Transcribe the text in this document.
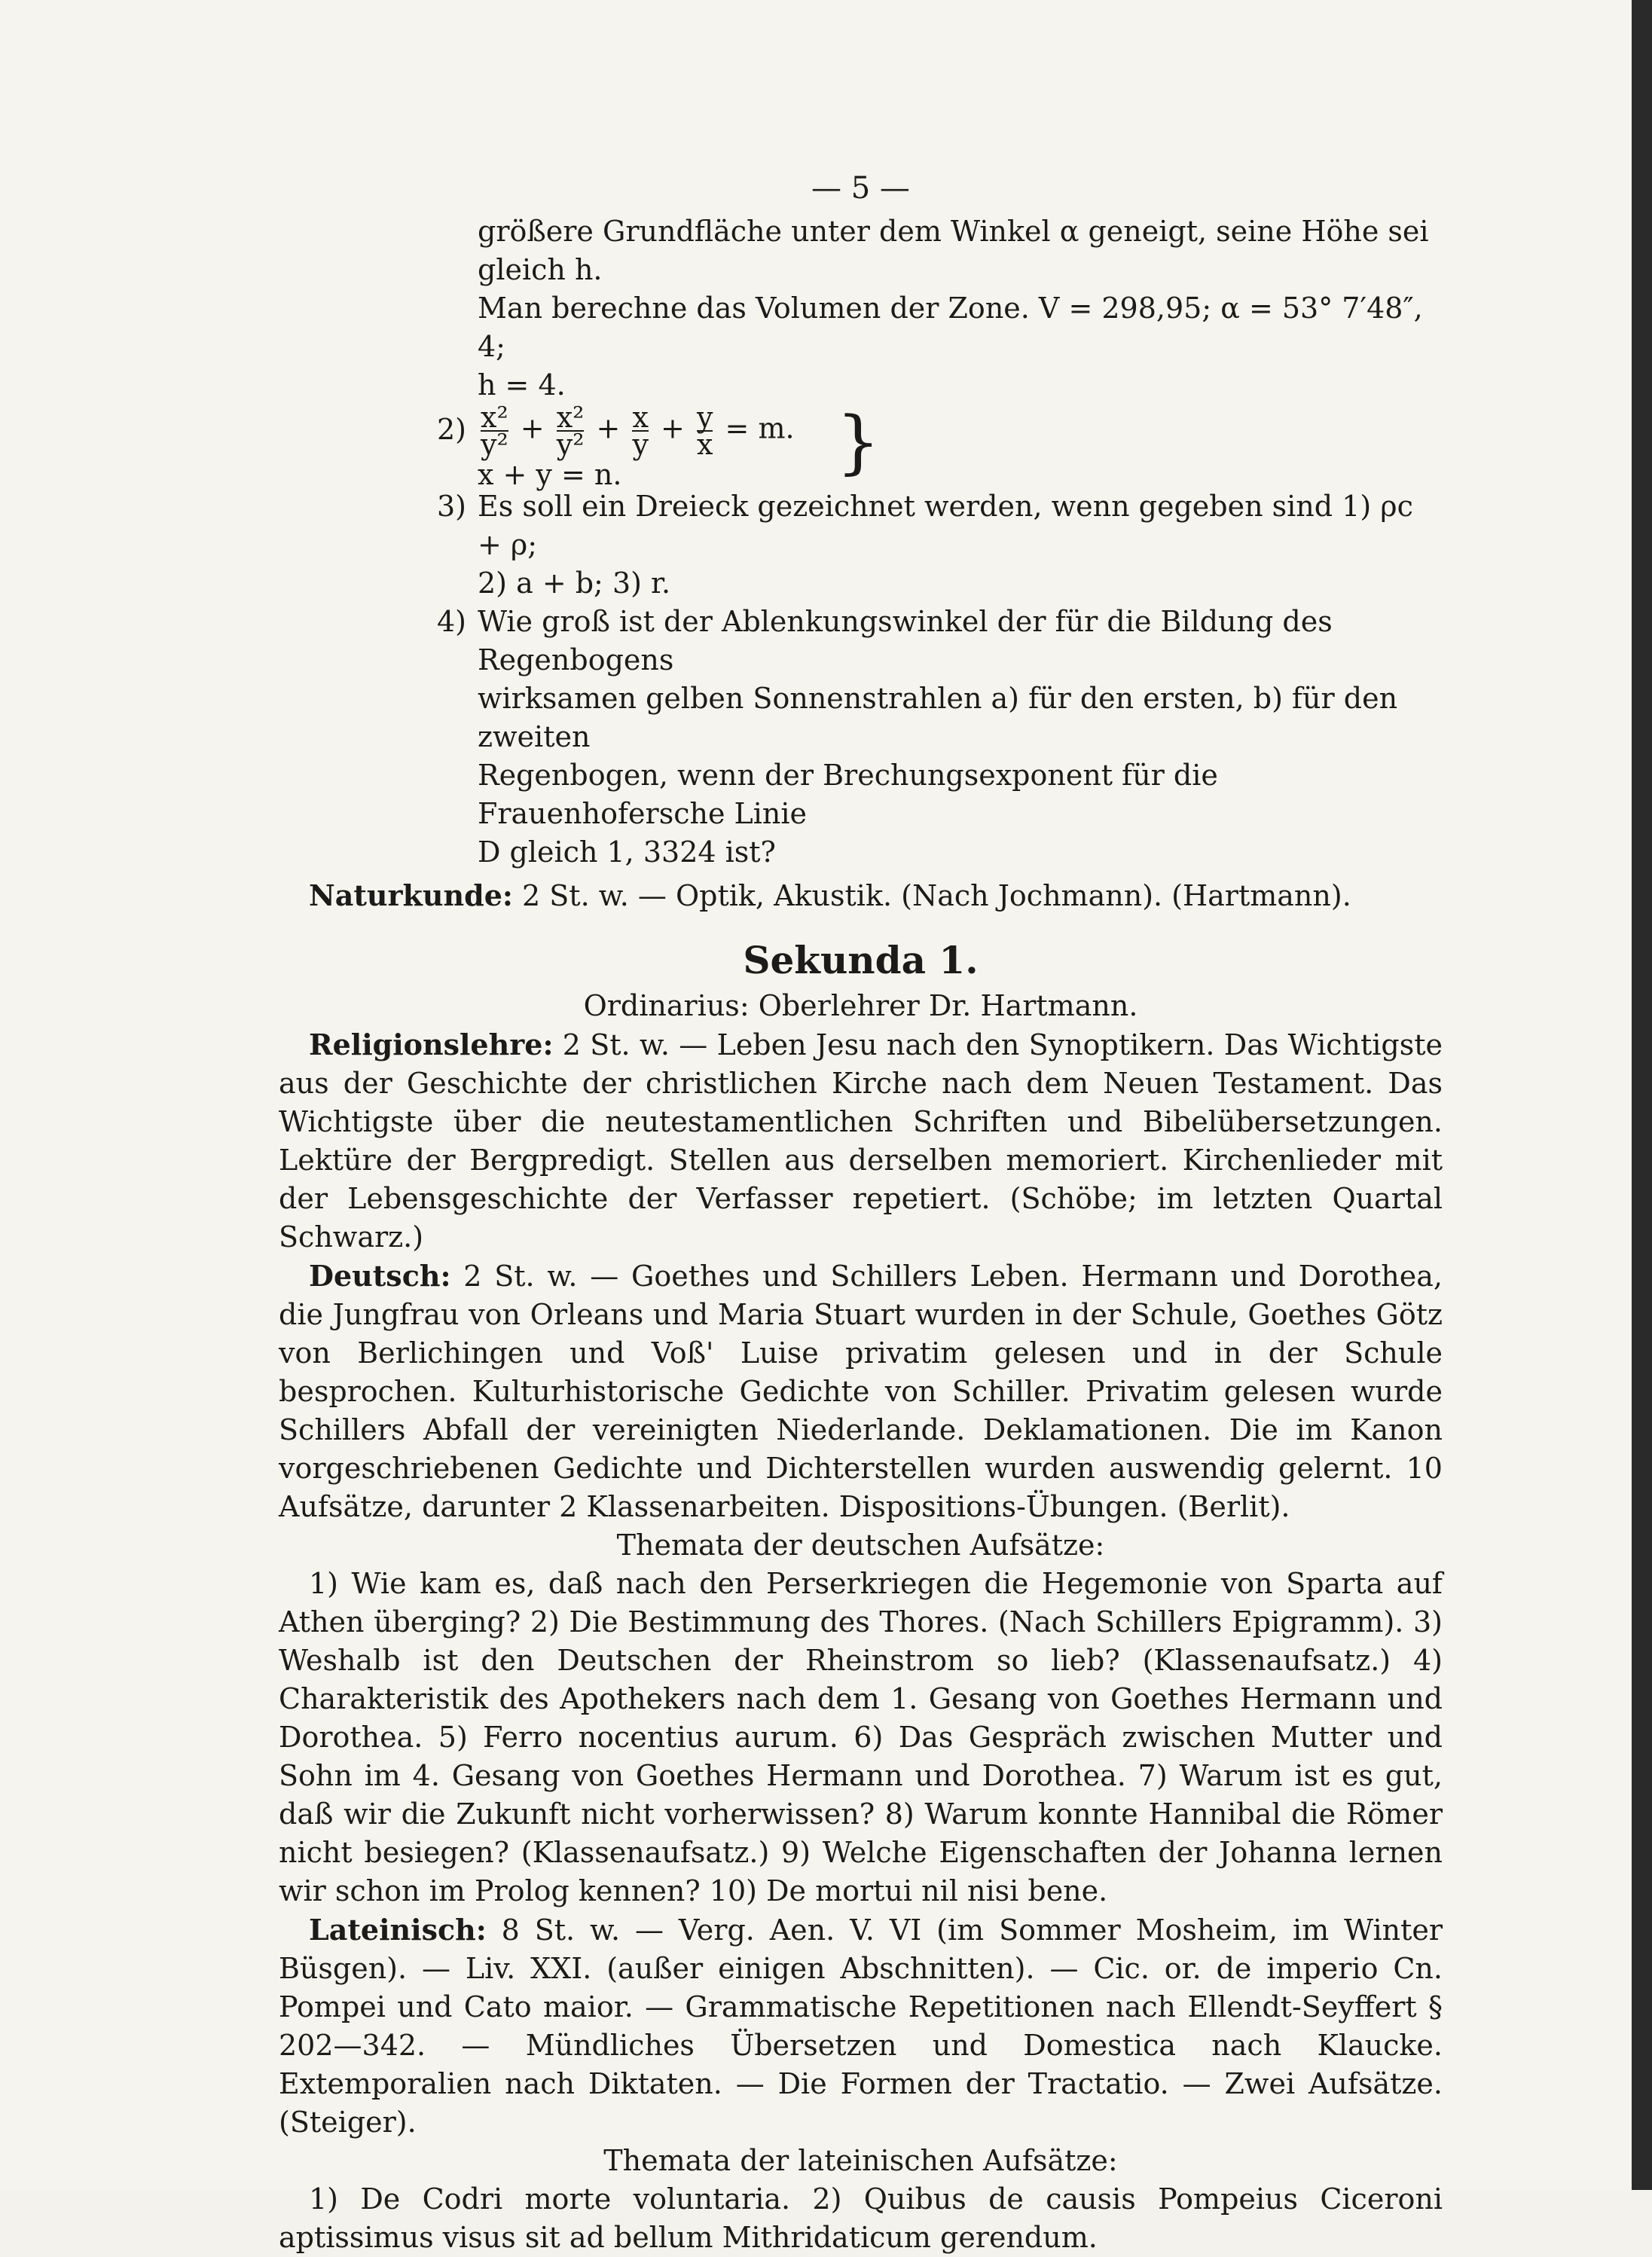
— 5 —

größere Grundfläche unter dem Winkel α geneigt, seine Höhe sei gleich h.

Man berechne das Volumen der Zone. V = 298,95; α = 53° 7′48″, 4;

h = 4.

$2) \frac{\text{x²}}{\text{y²}} + \frac{\text{x²}}{\text{y²}} + \frac{x}{y} + \frac{y}{x} = m$. }
x + y = n.

3) Es soll ein Dreieck gezeichnet werden, wenn gegeben sind 1) ρc + ρ;

2) a + b; 3) r.

4) Wie groß ist der Ablenkungswinkel der für die Bildung des Regenbogens

wirksamen gelben Sonnenstrahlen a) für den ersten, b) für den zweiten

Regenbogen, wenn der Brechungsexponent für die Frauenhofersche Linie

D gleich 1, 3324 ist?

Naturkunde: 2 St. w. — Optik, Akustik. (Nach Jochmann). (Hartmann).

Sekunda 1.

Ordinarius: Oberlehrer Dr. Hartmann.

Religionslehre: 2 St. w. — Leben Jesu nach den Synoptikern. Das Wichtigste aus der Geschichte der christlichen Kirche nach dem Neuen Testament. Das Wichtigste über die neutestamentlichen Schriften und Bibelübersetzungen. Lektüre der Bergpredigt. Stellen aus derselben memoriert. Kirchenlieder mit der Lebensgeschichte der Verfasser repetiert. (Schöbe; im letzten Quartal Schwarz.)

Deutsch: 2 St. w. — Goethes und Schillers Leben. Hermann und Dorothea, die Jungfrau von Orleans und Maria Stuart wurden in der Schule, Goethes Götz von Berlichingen und Voß' Luise privatim gelesen und in der Schule besprochen. Kulturhistorische Gedichte von Schiller. Privatim gelesen wurde Schillers Abfall der vereinigten Niederlande. Deklamationen. Die im Kanon vorgeschriebenen Gedichte und Dichterstellen wurden auswendig gelernt. 10 Aufsätze, darunter 2 Klassenarbeiten. Dispositions-Übungen. (Berlit).

Themata der deutschen Aufsätze:

1) Wie kam es, daß nach den Perserkriegen die Hegemonie von Sparta auf Athen überging? 2) Die Bestimmung des Thores. (Nach Schillers Epigramm). 3) Weshalb ist den Deutschen der Rheinstrom so lieb? (Klassenaufsatz.) 4) Charakteristik des Apothekers nach dem 1. Gesang von Goethes Hermann und Dorothea. 5) Ferro nocentius aurum. 6) Das Gespräch zwischen Mutter und Sohn im 4. Gesang von Goethes Hermann und Dorothea. 7) Warum ist es gut, daß wir die Zukunft nicht vorherwissen? 8) Warum konnte Hannibal die Römer nicht besiegen? (Klassenaufsatz.) 9) Welche Eigenschaften der Johanna lernen wir schon im Prolog kennen? 10) De mortui nil nisi bene.

Lateinisch: 8 St. w. — Verg. Aen. V. VI (im Sommer Mosheim, im Winter Büsgen). — Liv. XXI. (außer einigen Abschnitten). — Cic. or. de imperio Cn. Pompei und Cato maior. — Grammatische Repetitionen nach Ellendt-Seyffert § 202—342. — Mündliches Übersetzen und Domestica nach Klaucke. Extemporalien nach Diktaten. — Die Formen der Tractatio. — Zwei Aufsätze. (Steiger).

Themata der lateinischen Aufsätze:

1) De Codri morte voluntaria. 2) Quibus de causis Pompeius Ciceroni aptissimus visus sit ad bellum Mithridaticum gerendum.
